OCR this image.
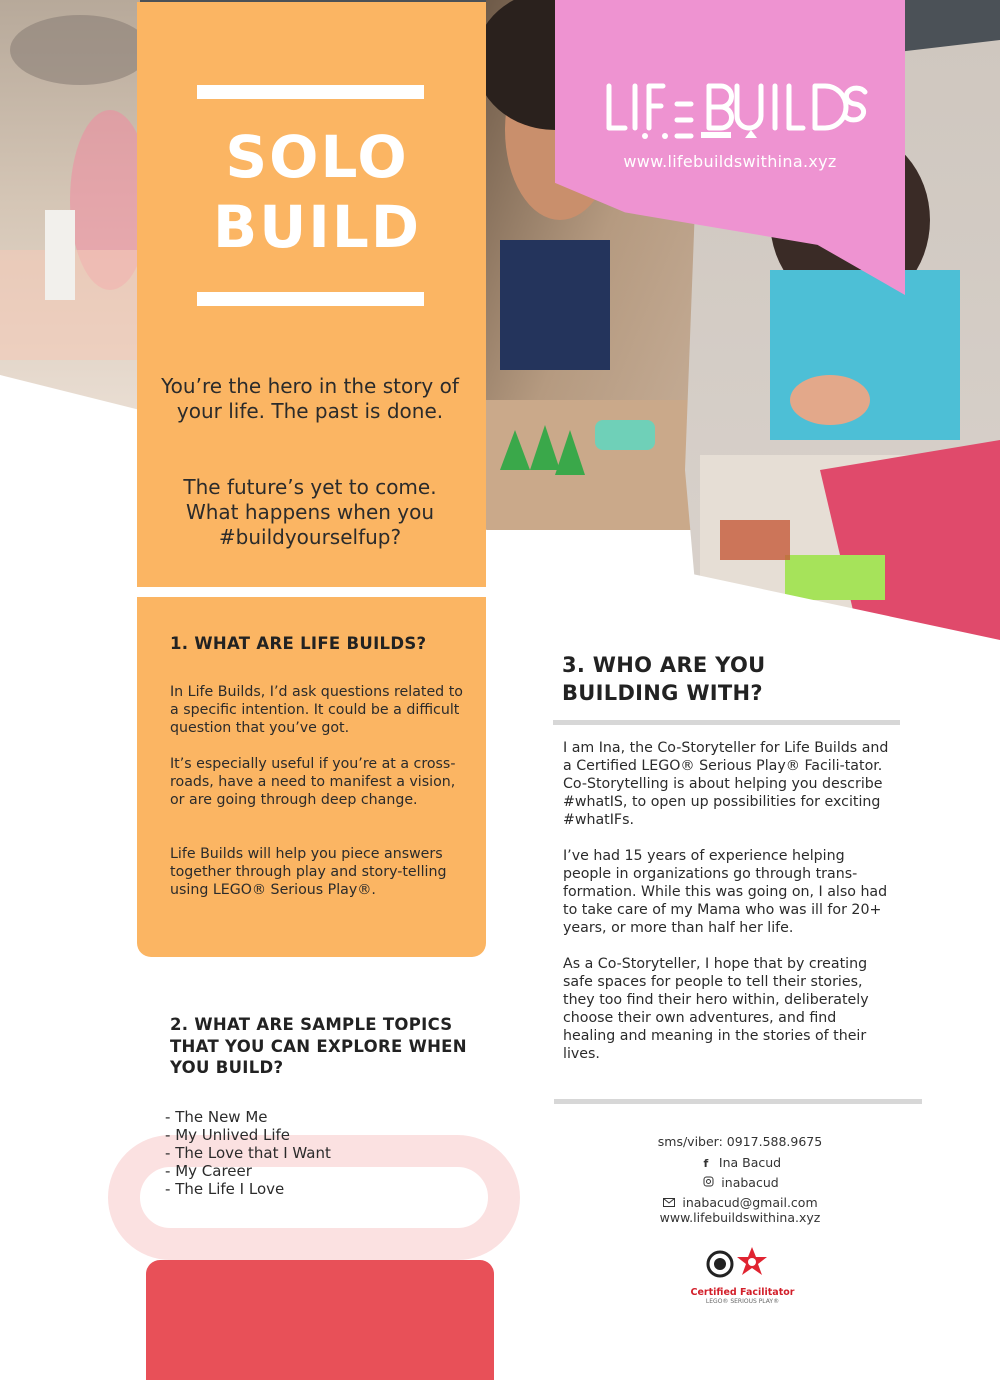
www.lifebuildswithina.xyz
SOLO
BUILD
You’re the hero in the story of your life. The past is done.
The future’s yet to come. What happens when you #buildyourselfup?
1. WHAT ARE LIFE BUILDS?
In Life Builds, I’d ask questions related to a specific intention. It could be a difficult question that you’ve got.
It’s especially useful if you’re at a cross-roads, have a need to manifest a vision, or are going through deep change.
Life Builds will help you piece answers together through play and story-telling using LEGO® Serious Play®.
2. WHAT ARE SAMPLE TOPICS THAT YOU CAN EXPLORE WHEN YOU BUILD?
- The New Me
- My Unlived Life
- The Love that I Want
- My Career
- The Life I Love
3. WHO ARE YOU
BUILDING WITH?
I am Ina, the Co-Storyteller for Life Builds and a Certified LEGO® Serious Play® Facili-tator. Co-Storytelling is about helping you describe #whatIS, to open up possibilities for exciting #whatIFs.
I’ve had 15 years of experience helping people in organizations go through trans-formation. While this was going on, I also had to take care of my Mama who was ill for 20+ years, or more than half her life.
As a Co-Storyteller, I hope that by creating safe spaces for people to tell their stories, they too find their hero within, deliberately choose their own adventures, and find healing and meaning in the stories of their lives.
sms/viber: 0917.588.9675
f Ina Bacud
inabacud
inabacud@gmail.com
www.lifebuildswithina.xyz
Certified Facilitator
LEGO® SERIOUS PLAY®
